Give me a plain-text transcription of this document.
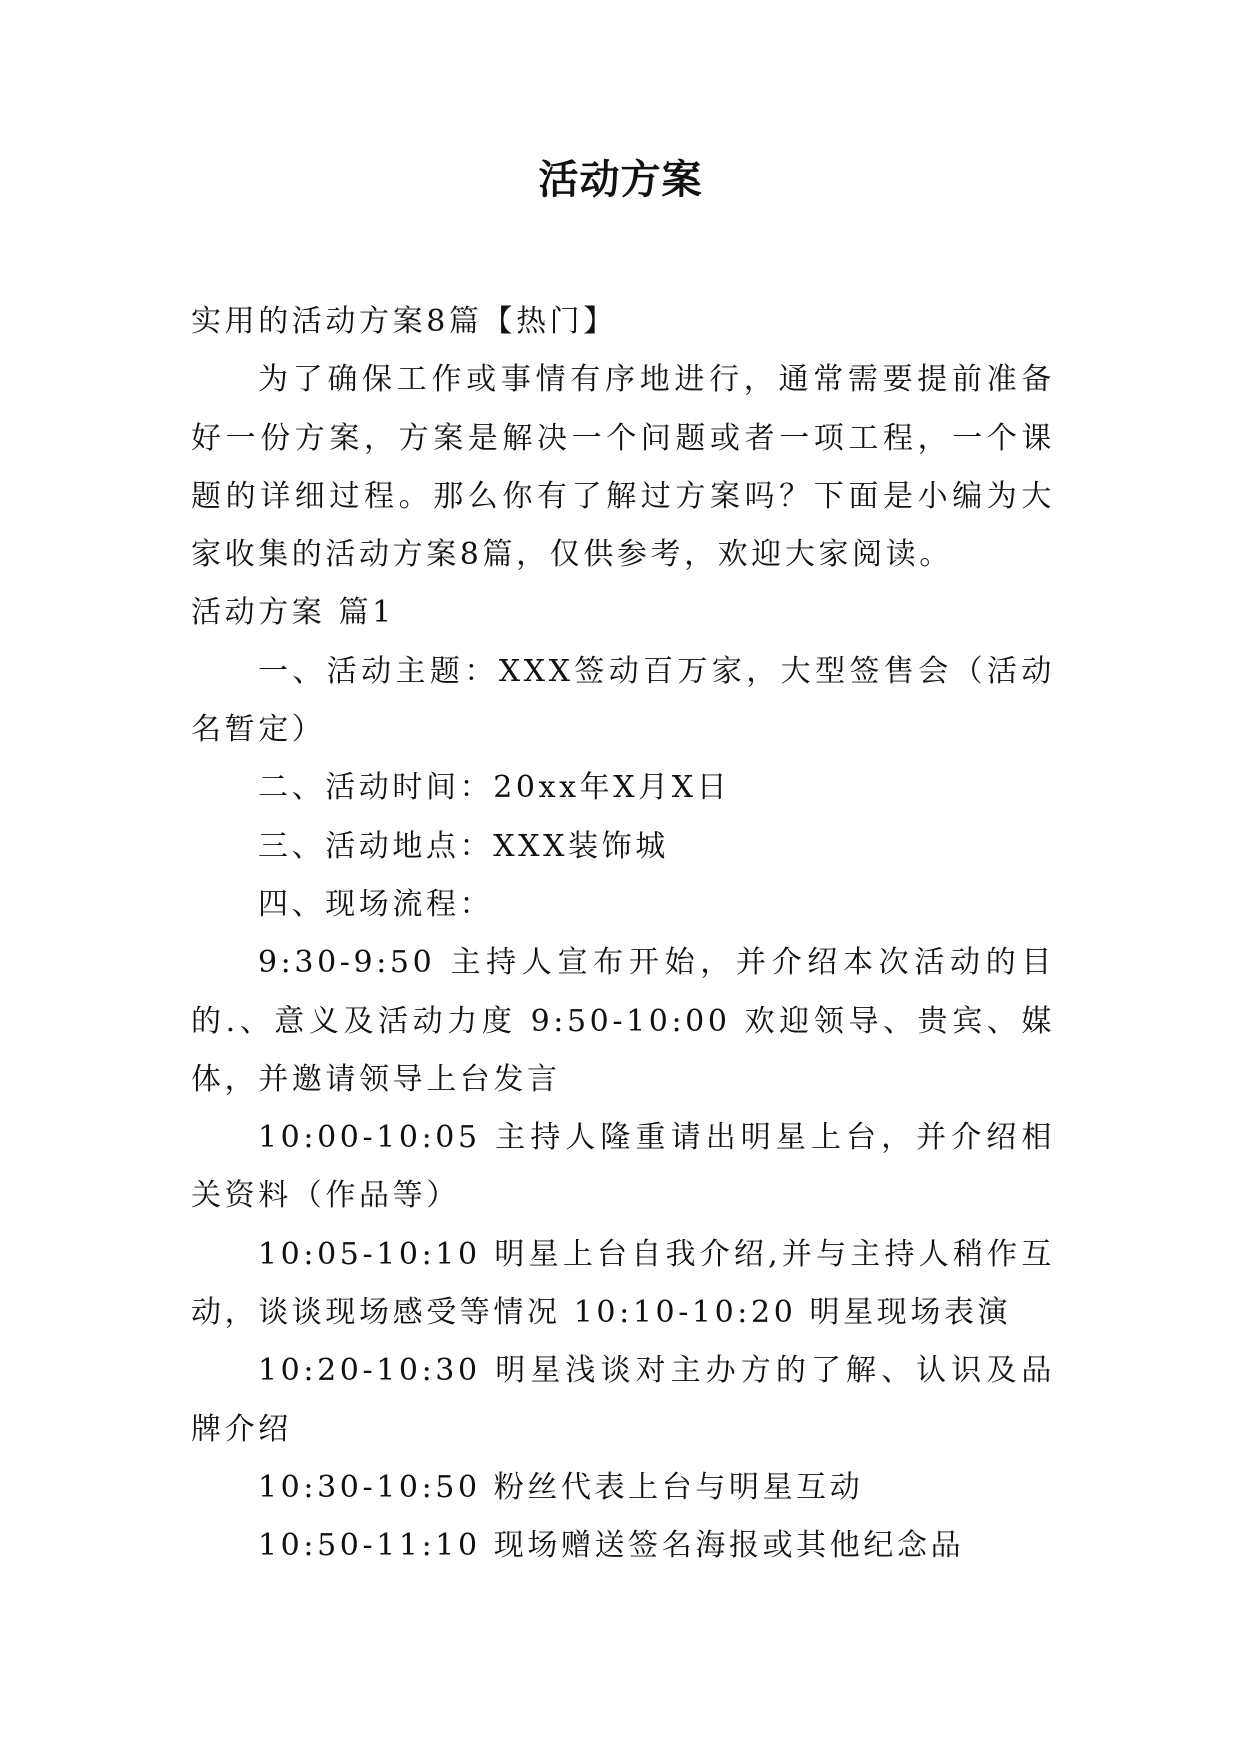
活动方案

实用的活动方案8篇【热门】

为了确保工作或事情有序地进行，通常需要提前准备好一份方案，方案是解决一个问题或者一项工程，一个课题的详细过程。那么你有了解过方案吗？下面是小编为大家收集的活动方案8篇，仅供参考，欢迎大家阅读。

活动方案 篇1

一、活动主题：XXX签动百万家，大型签售会（活动名暂定）

二、活动时间：20xx年X月X日

三、活动地点：XXX装饰城

四、现场流程：

9:30-9:50 主持人宣布开始，并介绍本次活动的目的.、意义及活动力度 9:50-10:00 欢迎领导、贵宾、媒体，并邀请领导上台发言

10:00-10:05 主持人隆重请出明星上台，并介绍相关资料（作品等）

10:05-10:10 明星上台自我介绍,并与主持人稍作互动，谈谈现场感受等情况 10:10-10:20 明星现场表演

10:20-10:30 明星浅谈对主办方的了解、认识及品牌介绍

10:30-10:50 粉丝代表上台与明星互动

10:50-11:10 现场赠送签名海报或其他纪念品
